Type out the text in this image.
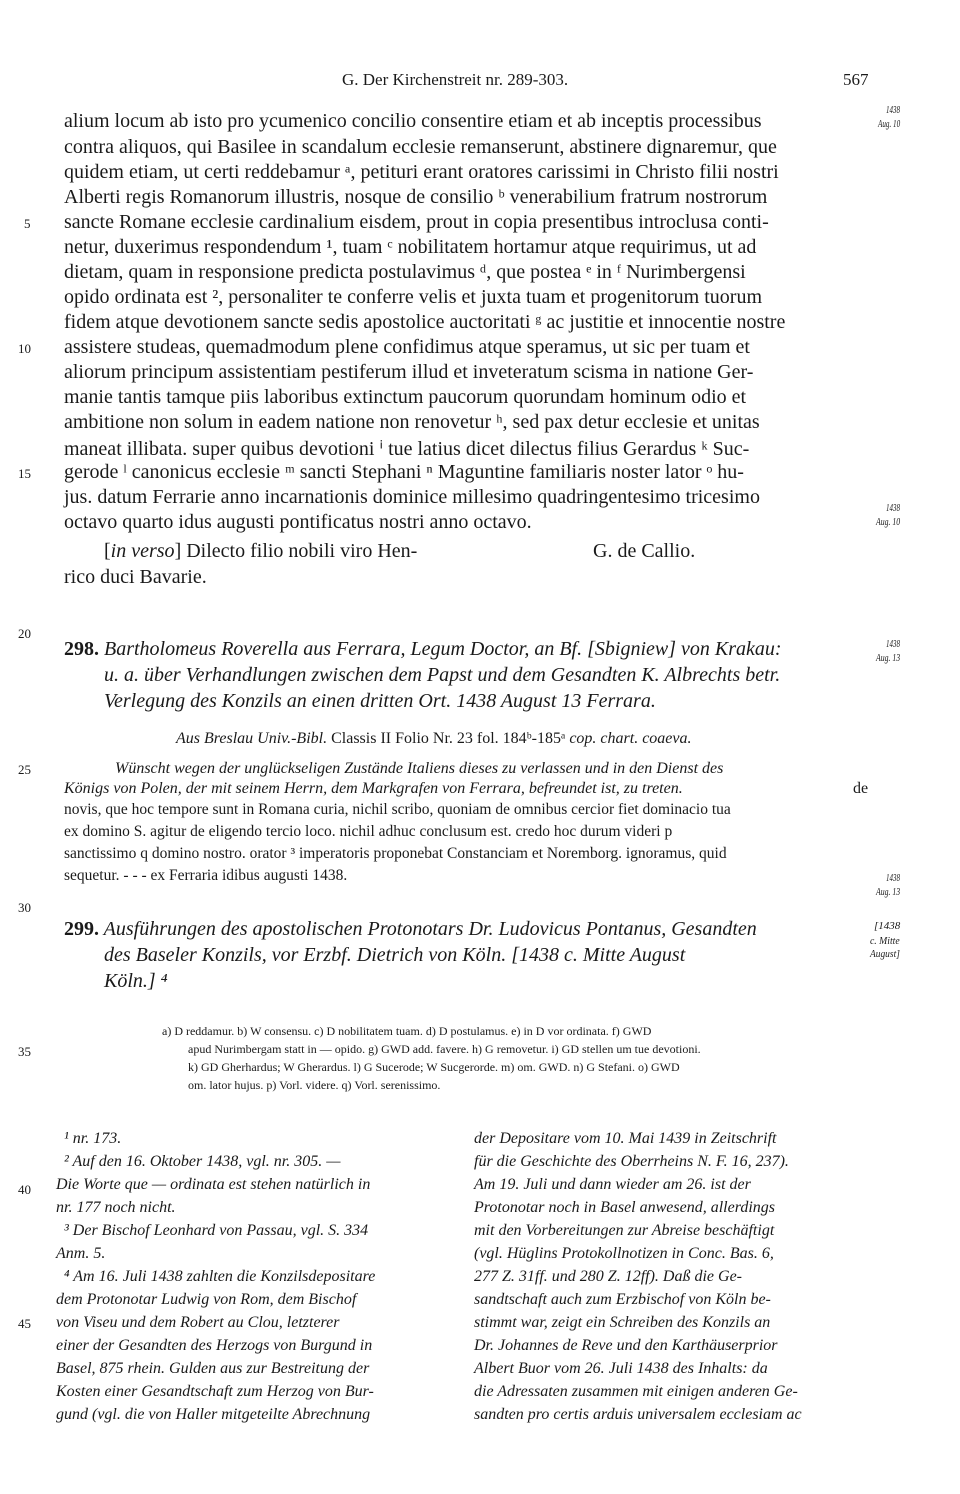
G. Der Kirchenstreit nr. 289-303.	567
alium locum ab isto pro ycumenico concilio consentire etiam et ab inceptis processibus
contra aliquos, qui Basilee in scandalum ecclesie remanserunt, abstinere dignaremur, que
quidem etiam, ut certi reddebamur ᵃ, petituri erant oratores carissimi in Christo filii nostri
Alberti regis Romanorum illustris, nosque de consilio ᵇ venerabilium fratrum nostrorum
sancte Romane ecclesie cardinalium eisdem, prout in copia presentibus introclusa conti-
netur, duxerimus respondendum ¹, tuam ᶜ nobilitatem hortamur atque requirimus, ut ad
dietam, quam in responsione predicta postulavimus ᵈ, que postea ᵉ in ᶠ Nurimbergensi
opido ordinata est ², personaliter te conferre velis et juxta tuam et progenitorum tuorum
fidem atque devotionem sancte sedis apostolice auctoritati ᵍ ac justitie et innocentie nostre
assistere studeas, quemadmodum plene confidimus atque speramus, ut sic per tuam et
aliorum principum assistentiam pestiferum illud et inveteratum scisma in natione Ger-
manie tantis tamque piis laboribus extinctum paucorum quorundam hominum odio et
ambitione non solum in eadem natione non renovetur ʰ, sed pax detur ecclesie et unitas
maneat illibata. super quibus devotioni ⁱ tue latius dicet dilectus filius Gerardus ᵏ Suc-
gerode ˡ canonicus ecclesie ᵐ sancti Stephani ⁿ Maguntine familiaris noster lator ᵒ hu-
jus. datum Ferrarie anno incarnationis dominice millesimo quadringentesimo tricesimo
octavo quarto idus augusti pontificatus nostri anno octavo.
[in verso] Dilecto filio nobili viro Hen-
rico duci Bavarie.
G. de Callio.
5
10
15
20
25
30
35
40
45
1438
Aug. 10
1438
Aug. 10
1438
Aug. 13
1438
Aug. 13
[1438
c. Mitte
August]
298. Bartholomeus Roverella aus Ferrara, Legum Doctor, an Bf. [Sbigniew] von Krakau:
u. a. über Verhandlungen zwischen dem Papst und dem Gesandten K. Albrechts betr.
Verlegung des Konzils an einen dritten Ort. 1438 August 13 Ferrara.
Aus Breslau Univ.-Bibl. Classis II Folio Nr. 23 fol. 184ᵇ-185ᵃ cop. chart. coaeva.
Wünscht wegen der unglückseligen Zustände Italiens dieses zu verlassen und in den Dienst des
Königs von Polen, der mit seinem Herrn, dem Markgrafen von Ferrara, befreundet ist, zu treten.	de
novis, que hoc tempore sunt in Romana curia, nichil scribo, quoniam de omnibus cercior fiet dominacio tua
ex domino S. agitur de eligendo tercio loco. nichil adhuc conclusum est. credo hoc durum videri p
sanctissimo q domino nostro. orator ³ imperatoris proponebat Constanciam et Noremborg. ignoramus, quid
sequetur. - - - ex Ferraria idibus augusti 1438.
299. Ausführungen des apostolischen Protonotars Dr. Ludovicus Pontanus, Gesandten
des Baseler Konzils, vor Erzbf. Dietrich von Köln. [1438 c. Mitte August
Köln.] ⁴
a) D reddamur. b) W consensu. c) D nobilitatem tuam. d) D postulamus. e) in D vor ordinata. f) GWD
apud Nurimbergam statt in — opido. g) GWD add. favere. h) G removetur. i) GD stellen um tue devotioni.
k) GD Gherhardus; W Gherardus. l) G Sucerode; W Sucgerorde. m) om. GWD. n) G Stefani. o) GWD
om. lator hujus. p) Vorl. videre. q) Vorl. serenissimo.
¹ nr. 173.
² Auf den 16. Oktober 1438, vgl. nr. 305. —
Die Worte que — ordinata est stehen natürlich in
nr. 177 noch nicht.
³ Der Bischof Leonhard von Passau, vgl. S. 334
Anm. 5.
⁴ Am 16. Juli 1438 zahlten die Konzilsdepositare
dem Protonotar Ludwig von Rom, dem Bischof
von Viseu und dem Robert au Clou, letzterer
einer der Gesandten des Herzogs von Burgund in
Basel, 875 rhein. Gulden aus zur Bestreitung der
Kosten einer Gesandtschaft zum Herzog von Bur-
gund (vgl. die von Haller mitgeteilte Abrechnung
der Depositare vom 10. Mai 1439 in Zeitschrift
für die Geschichte des Oberrheins N. F. 16, 237).
Am 19. Juli und dann wieder am 26. ist der
Protonotar noch in Basel anwesend, allerdings
mit den Vorbereitungen zur Abreise beschäftigt
(vgl. Hüglins Protokollnotizen in Conc. Bas. 6,
277 Z. 31ff. und 280 Z. 12ff). Daß die Ge-
sandtschaft auch zum Erzbischof von Köln be-
stimmt war, zeigt ein Schreiben des Konzils an
Dr. Johannes de Reve und den Karthäuserprior
Albert Buor vom 26. Juli 1438 des Inhalts: da
die Adressaten zusammen mit einigen anderen Ge-
sandten pro certis arduis universalem ecclesiam ac
